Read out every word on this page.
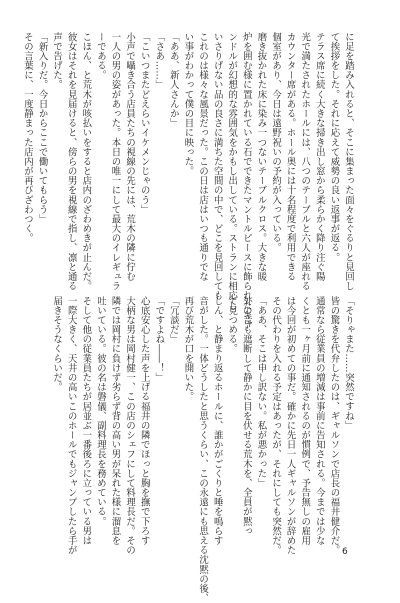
に足を踏み入れると、そこに集まった面々をぐるりと見回し
て挨拶をした。それに応えて威勢の良い返事が返る。
テラス席に続く大きな掃き出し窓から柔らかく降り注ぐ陽
光で満たされたホールには、八つのテーブルと六人が座れる
カウンター席がある。ホール奥には十名程度で利用できる
個室があり、今日は遠野祝いの予約が入っている。
磨き抜かれた床に染み一つないテーブルクロス。大きな暖
炉を囲む様に置かれている石でできたマントルピースに飾られたキャ
ンドルが幻想的な雰囲気をかもし出している。ストランに相応し
いさりげない品の良さに満ちた空間の中で、どこを見回しても
これのは様々な風景だった。この日は店はいつも通りでな
い事がわかって僕の目に映った。
「ああ、新人さんか」
「さあ……」
「こいつまたどえらいイケメンじゃのう」
小声で囁き合う店員たちの視線の先には、荒木の隣に佇む
一人の男の姿があった。本日の唯一にして最大のイレギュラ
ーである。
こほん、と荒木が咳払いをすると店内のざわめきが止んだ。
彼女はそれを見届けると、傍らの男を視線で指し、凛と通る
声で告げた。
「新入りだ。今日からここで働いてもらう」
その言葉に、一度静まった店内が再びざわつく。
「そりゃまた……突然ですね」
皆の驚きを代弁したのは、ギャルソンで店長の福井健介だ。
通常なら従業員の増減は事前に告知される。今までは少な
くとも一ヶ月前に通知されるのが慣例で、予告無しの雇用
は今回が初めての事だ。確かに先日一人ギャルソンが辞めた
その代わりを入れる予定はあったが、それにしても突然だ。
「ああ、そこは申し訳ない。私が悪かった」
外の音も遮断して静かに目を伏せる荒木を、全員が黙っ
て見つめる。
しん、と静まり返るホールに、誰かがごくりと唾を鳴らす
音がした。一体どうしたと思うくらい、この永遠にも思える沈黙の後、
再び荒木が口を開いた。
「冗談だ」
「ですよね――！」
心底安心した声を上げる福井の隣でほっと胸を撫で下ろす
大柄な男は岡村健一、この店のシェフにして料理長だ。その
隣では岡村に負けず劣らず背の高い男が呆れた様に溜息を
吐いている。彼の名は磐儀、副料理長を務めている。
そして他の従業員たちが居並ぶ一番後ろに立っている男は
一際大きく、天井の高いこのホールでもジャンプしたら手が
届きそうなくらいだ。
6
